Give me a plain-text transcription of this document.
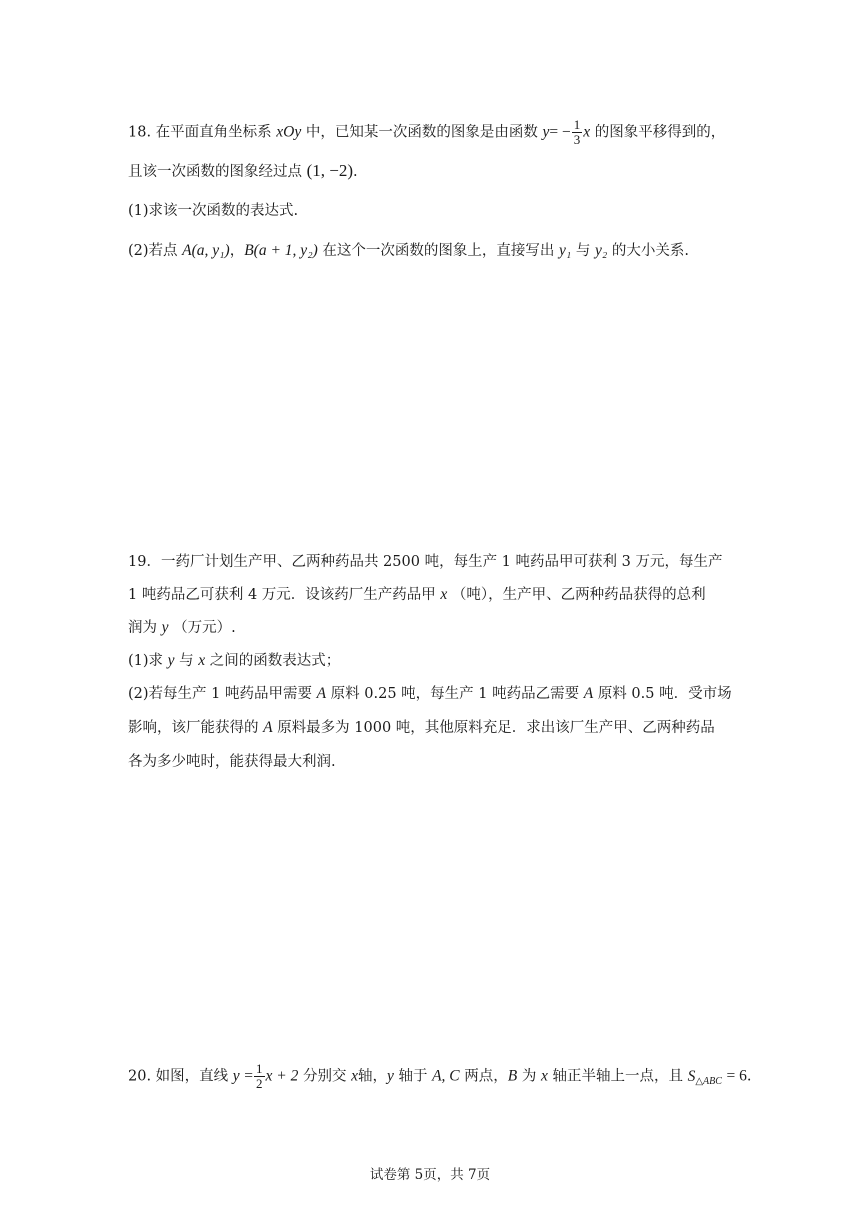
18. 在平面直角坐标系 xOy 中，已知某一次函数的图象是由函数 $y= - \frac{1}{3}$ x 的图象平移得到的，
且该一次函数的图象经过点 (1, −2).
(1)求该一次函数的表达式.
(2)若点 A(a, y₁)，B(a + 1, y₂) 在这个一次函数的图象上，直接写出 y₁ 与 y₂ 的大小关系.
19．一药厂计划生产甲、乙两种药品共 2500 吨，每生产 1 吨药品甲可获利 3 万元，每生产
1 吨药品乙可获利 4 万元．设该药厂生产药品甲 x （吨），生产甲、乙两种药品获得的总利
润为 y （万元）.
(1)求 y 与 x 之间的函数表达式；
(2)若每生产 1 吨药品甲需要 A 原料 0.25 吨，每生产 1 吨药品乙需要 A 原料 0.5 吨．受市场
影响，该厂能获得的 A 原料最多为 1000 吨，其他原料充足．求出该厂生产甲、乙两种药品
各为多少吨时，能获得最大利润.
20. 如图，直线 $y = \frac{1}{2}$ x + 2 分别交 x轴，y 轴于 A, C 两点，B 为 x 轴正半轴上一点，且 $S_{\triangle ABC} = 6$.
试卷第 5页，共 7页
